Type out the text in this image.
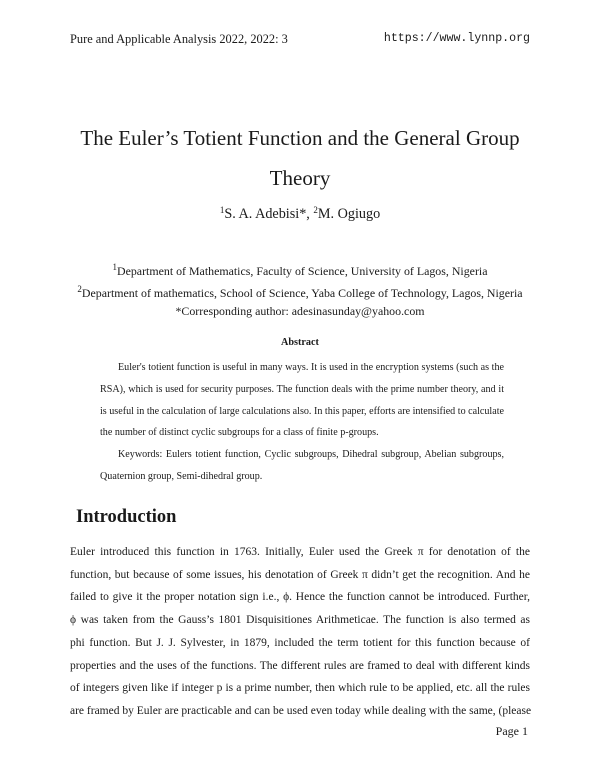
Pure and Applicable Analysis 2022, 2022: 3	https://www.lynnp.org
The Euler’s Totient Function and the General Group Theory
$^1$S. A. Adebisi*, $^2$M. Ogiugo
$^1$Department of Mathematics, Faculty of Science, University of Lagos, Nigeria
$^2$Department of mathematics, School of Science, Yaba College of Technology, Lagos, Nigeria
*Corresponding author: adesinasunday@yahoo.com
Abstract

Euler's totient function is useful in many ways. It is used in the encryption systems (such as the RSA), which is used for security purposes. The function deals with the prime number theory, and it is useful in the calculation of large calculations also. In this paper, efforts are intensified to calculate the number of distinct cyclic subgroups for a class of finite p-groups.

Keywords: Eulers totient function, Cyclic subgroups, Dihedral subgroup, Abelian subgroups, Quaternion group, Semi-dihedral group.

Introduction
Euler introduced this function in 1763. Initially, Euler used the Greek π for denotation of the
function, but because of some issues, his denotation of Greek π didn’t get the recognition. And he
failed to give it the proper notation sign i.e., ϕ. Hence the function cannot be introduced. Further,
ϕ was taken from the Gauss’s 1801 Disquisitiones Arithmeticae. The function is also termed as
phi function. But J. J. Sylvester, in 1879, included the term totient for this function because of
properties and the uses of the functions. The different rules are framed to deal with different kinds
of integers given like if integer p is a prime number, then which rule to be applied, etc. all the rules
are framed by Euler are practicable and can be used even today while dealing with the same, (please
Page 1
